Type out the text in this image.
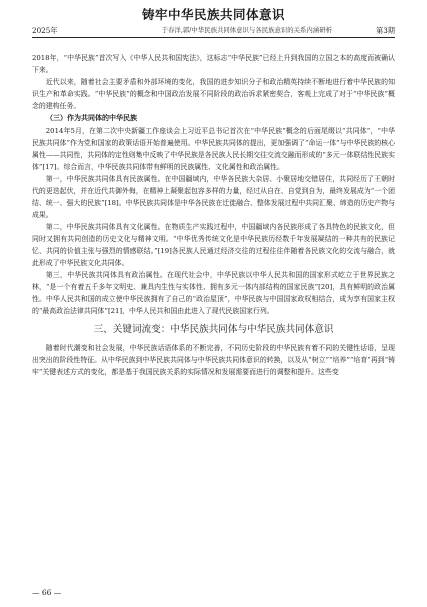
铸牢中华民族共同体意识
2025年	于春洋,郭/中华民族共同体意识与各民族意识的关系内涵研析	第3期

2018年，“中华民族”首次写入《中华人民共和国宪法》，这标志“中华民族”已经上升到我国的立国之本的高度而被确认下来。

近代以来，随着社会主要矛盾和外部环境的变化，我国的进步知识分子和政治精英持续不断地进行着中华民族的知识生产和革命实践。“中华民族”的概念和中国政治发展不同阶段的政治诉求紧密契合，客观上完成了对于“中华民族”概念的建构任务。

（三）作为共同体的中华民族

2014年5月，在第二次中央新疆工作座谈会上习近平总书记首次在“中华民族”概念的后面尾缀以“共同体”，“中华民族共同体”作为党和国家的政策话语开始普遍使用。中华民族共同体的提出，更加强调了“命运一体”与中华民族的核心属性——共同性，共同体的定性则集中反映了中华民族是各民族人民长期交往交流交融而形成的“多元一体联结性民族实体”[17]。综合而言，中华民族共同体带有鲜明的民族属性、文化属性和政治属性。

第一，中华民族共同体具有民族属性。在中国疆域内，中华各民族大杂居、小聚居地交错居住，共同经历了王朝时代的更迭起伏，并在近代共御外侮，在精神上凝聚起包容多样的力量，经过从自在、自觉到自为，最终发展成为“一个团结、统一、强大的民族”[18]。中华民族共同体是中华各民族在迁徙融合、整体发展过程中共同汇聚、缔造的历史产物与成果。

第二，中华民族共同体具有文化属性。在物质生产实践过程中，中国疆域内各民族形成了各具特色的民族文化，但同时又拥有共同创造的历史文化与精神文明。“中华优秀传统文化是中华民族历经数千年发展凝结的一种共有的民族记忆、共同的价值主张与强烈的情感联结。”[19]各民族人民通过经济交往的过程往往伴随着各民族文化的交流与融合，就此形成了中华民族文化共同体。

第三，中华民族共同体具有政治属性。在现代社会中，中华民族以中华人民共和国的国家形式屹立于世界民族之林，“是一个有着五千多年文明史、兼具内生性与实体性、拥有多元一体内部结构的国家民族”[20]，具有鲜明的政治属性。中华人民共和国的成立使中华民族拥有了自己的“政治屋顶”，中华民族与中国国家政权相结合，成为享有国家主权的“最高政治法律共同体”[21]，中华人民共和国由此进入了现代民族国家行列。

三、关键词流变：中华民族共同体与中华民族共同体意识

随着时代潮变和社会发展，中华民族话语体系的不断完善，不同历史阶段的中华民族有着不同的关键性话语，呈现出突出的阶段性特征。从中华民族到中华民族共同体与中华民族共同体意识的转换，以及从“树立”“培养”“培育”再到“铸牢”关键表述方式的变化，都是基于我国民族关系的实际情况和发展需要而进行的调整和提升。这些变

— 66 —
